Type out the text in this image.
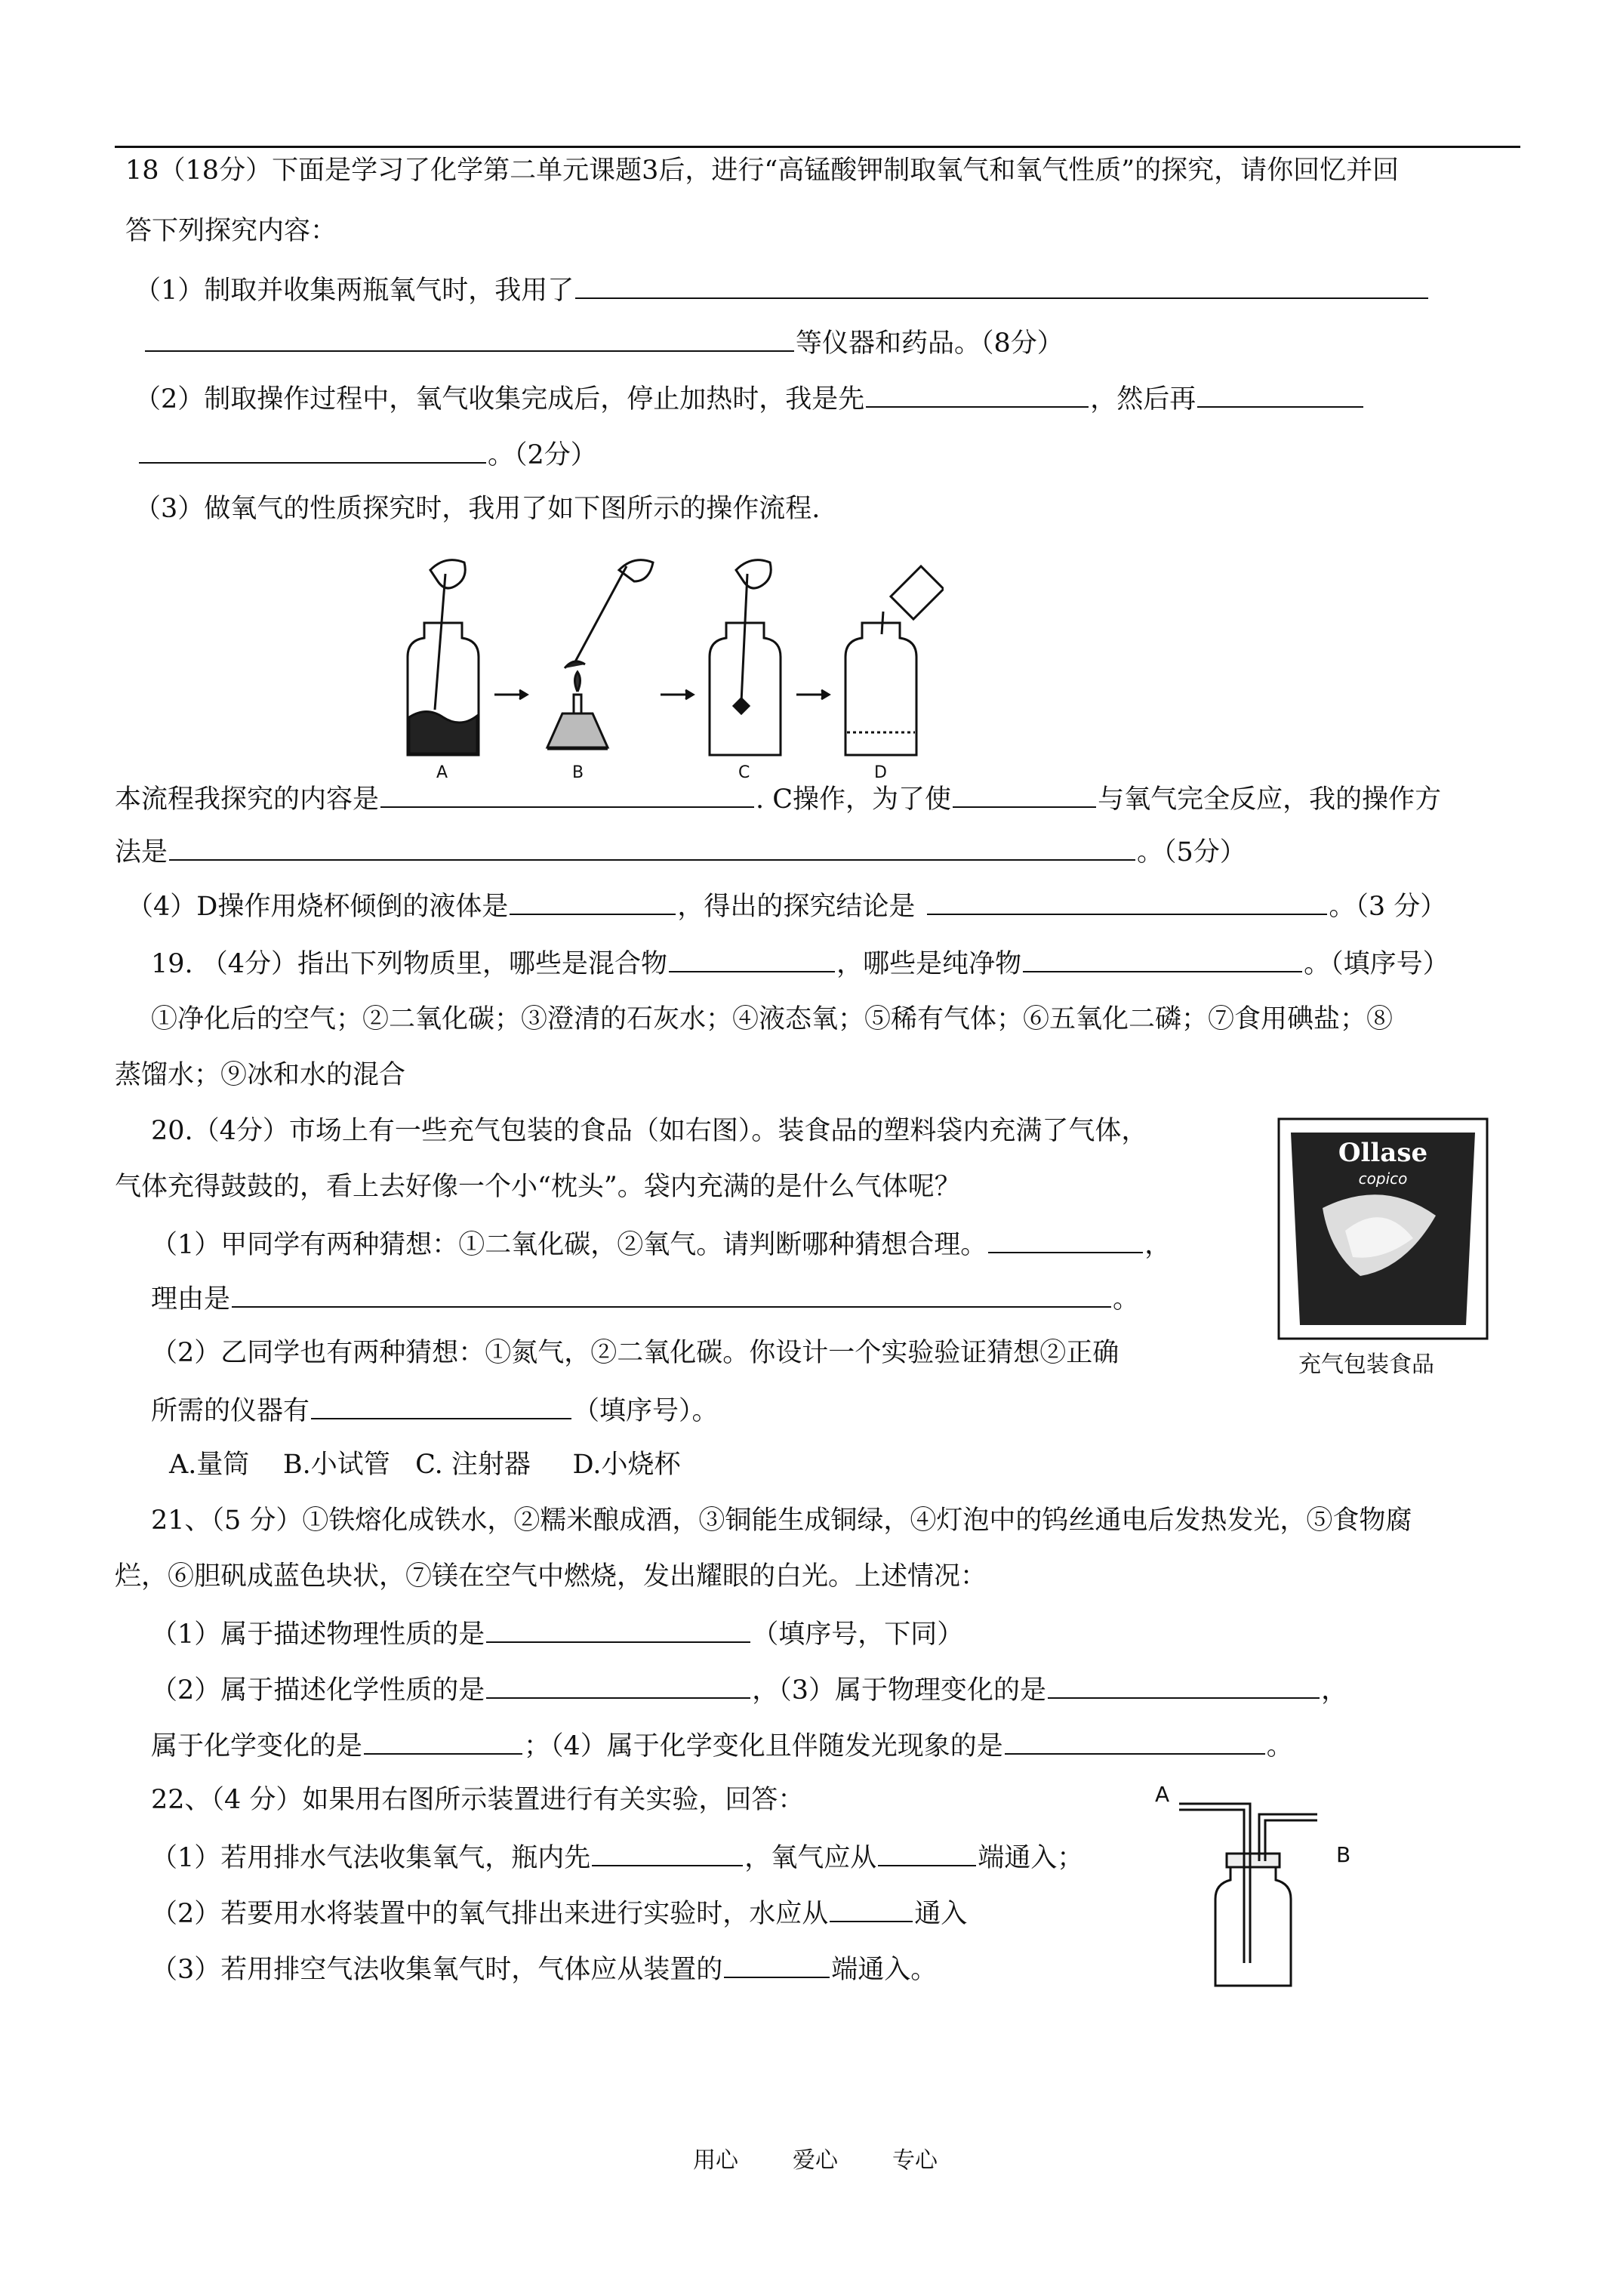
18（18分）下面是学习了化学第二单元课题3后，进行“高锰酸钾制取氧气和氧气性质”的探究，请你回忆并回
答下列探究内容：
（1）制取并收集两瓶氧气时，我用了
等仪器和药品。（8分）
（2）制取操作过程中，氧气收集完成后，停止加热时，我是先	，然后再
。（2分）
（3）做氧气的性质探究时，我用了如下图所示的操作流程.
A	B	C	D
本流程我探究的内容是	. C操作，为了使	与氧气完全反应，我的操作方
法是	。（5分）
（4）D操作用烧杯倾倒的液体是	，得出的探究结论是	。（3 分）
19. （4分）指出下列物质里，哪些是混合物	，哪些是纯净物	。（填序号）
①净化后的空气；②二氧化碳；③澄清的石灰水；④液态氧；⑤稀有气体；⑥五氧化二磷；⑦食用碘盐；⑧
蒸馏水；⑨冰和水的混合
20.（4分）市场上有一些充气包装的食品（如右图）。装食品的塑料袋内充满了气体，
气体充得鼓鼓的，看上去好像一个小“枕头”。袋内充满的是什么气体呢？
（1）甲同学有两种猜想：①二氧化碳，②氧气。请判断哪种猜想合理。	，
理由是	。
（2）乙同学也有两种猜想：①氮气，②二氧化碳。你设计一个实验验证猜想②正确
所需的仪器有	（填序号）。
A.量筒    B.小试管   C. 注射器     D.小烧杯
Ollase
copico
充气包装食品
21、（5 分）①铁熔化成铁水，②糯米酿成酒，③铜能生成铜绿，④灯泡中的钨丝通电后发热发光，⑤食物腐
烂，⑥胆矾成蓝色块状，⑦镁在空气中燃烧，发出耀眼的白光。上述情况：
（1）属于描述物理性质的是	（填序号，下同）
（2）属于描述化学性质的是	，（3）属于物理变化的是	，
属于化学变化的是	；（4）属于化学变化且伴随发光现象的是	。
22、（4 分）如果用右图所示装置进行有关实验，回答：
（1）若用排水气法收集氧气，瓶内先	，氧气应从	端通入；
（2）若要用水将装置中的氧气排出来进行实验时，水应从	通入
（3）若用排空气法收集氧气时，气体应从装置的	端通入。
A
B
用心 爱心 专心
